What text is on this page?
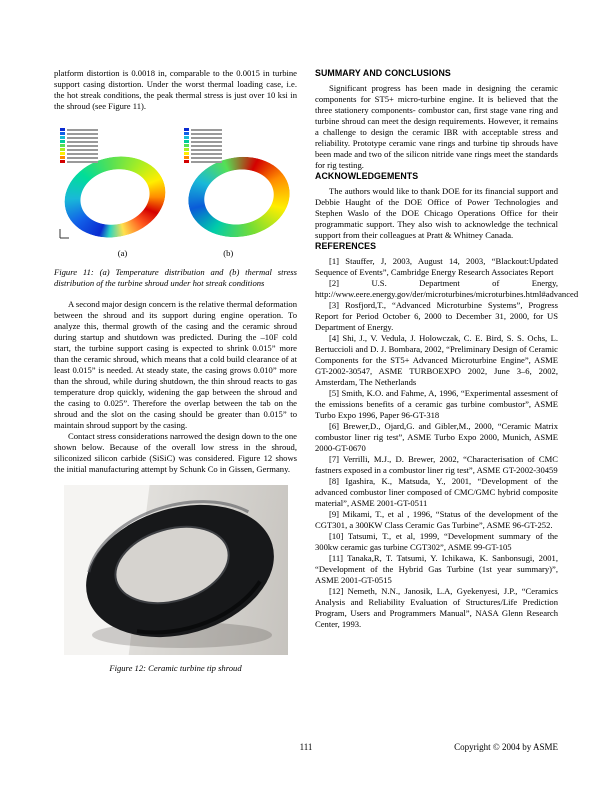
platform distortion is 0.0018 in, comparable to the 0.0015 in turbine support casing distortion. Under the worst thermal loading case, i.e. the hot streak conditions, the peak thermal stress is just over 10 ksi in the shroud (see Figure 11).

(a)	(b)

Figure 11: (a) Temperature distribution and (b) thermal stress distribution of the turbine shroud under hot streak conditions

A second major design concern is the relative thermal deformation between the shroud and its support during engine operation. To analyze this, thermal growth of the casing and the ceramic shroud during startup and shutdown was predicted. During the –10F cold start, the turbine support casing is expected to shrink 0.015” more than the ceramic shroud, which means that a cold build clearance of at least 0.015” is needed. At steady state, the casing grows 0.010” more than the shroud, while during shutdown, the thin shroud reacts to gas temperature drop quickly, widening the gap between the shroud and the casing to 0.025”. Therefore the overlap between the tab on the shroud and the slot on the casing should be greater than 0.015” to maintain shroud support by the casing.

Contact stress considerations narrowed the design down to the one shown below. Because of the overall low stress in the shroud, siliconized silicon carbide (SiSiC) was considered. Figure 12 shows the initial manufacturing attempt by Schunk Co in Gissen, Germany.

Figure 12: Ceramic turbine tip shroud

SUMMARY AND CONCLUSIONS

Significant progress has been made in designing the ceramic components for ST5+ micro-turbine engine. It is believed that the three stationery components- combustor can, first stage vane ring and turbine shroud can meet the design requirements. However, it remains a challenge to design the ceramic IBR with acceptable stress and reliability. Prototype ceramic vane rings and turbine tip shrouds have been made and two of the silicon nitride vane rings meet the standards for rig testing.

ACKNOWLEDGEMENTS

The authors would like to thank DOE for its financial support and Debbie Haught of the DOE Office of Power Technologies and Stephen Waslo of the DOE Chicago Operations Office for their programmatic support. They also wish to acknowledge the technical support from their colleagues at Pratt & Whitney Canada.

REFERENCES

[1] Stauffer, J, 2003, August 14, 2003, “Blackout:Updated Sequence of Events”, Cambridge Energy Research Associates Report

[2] U.S. Department of Energy, http://www.eere.energy.gov/der/microturbines/microturbines.html#advanced

[3] Rosfjord,T., “Advanced Microturbine Systems”, Progress Report for Period October 6, 2000 to December 31, 2000, for US Department of Energy.

[4] Shi, J., V. Vedula, J. Holowczak, C. E. Bird, S. S. Ochs, L. Bertuccioli and D. J. Bombara, 2002, “Preliminary Design of Ceramic Components for the ST5+ Advanced Microturbine Engine”, ASME GT-2002-30547, ASME TURBOEXPO 2002, June 3–6, 2002, Amsterdam, The Netherlands

[5] Smith, K.O. and Fahme, A, 1996, “Experimental assesment of the emissions benefits of a ceramic gas turbine combustor”, ASME Turbo Expo 1996, Paper 96-GT-318

[6] Brewer,D., Ojard,G. and Gibler,M., 2000, “Ceramic Matrix combustor liner rig test”, ASME Turbo Expo 2000, Munich, ASME 2000-GT-0670

[7] Verrilli, M.J., D. Brewer, 2002, “Characterisation of CMC fastners exposed in a combustor liner rig test”, ASME GT-2002-30459

[8] Igashira, K., Matsuda, Y., 2001, “Development of the advanced combustor liner composed of CMC/GMC hybrid composite material”, ASME 2001-GT-0511

[9] Mikami, T., et al , 1996, “Status of the development of the CGT301, a 300KW Class Ceramic Gas Turbine”, ASME 96-GT-252.

[10] Tatsumi, T., et al, 1999, “Development summary of the 300kw ceramic gas turbine CGT302”, ASME 99-GT-105

[11] Tanaka,R, T. Tatsumi, Y. Ichikawa, K. Sanbonsugi, 2001, “Development of the Hybrid Gas Turbine (1st year summary)”, ASME 2001-GT-0515

[12] Nemeth, N.N., Janosik, L.A, Gyekenyesi, J.P., “Ceramics Analysis and Reliability Evaluation of Structures/Life Prediction Program, Users and Programmers Manual”, NASA Glenn Research Center, 1993.

111	Copyright © 2004 by ASME
